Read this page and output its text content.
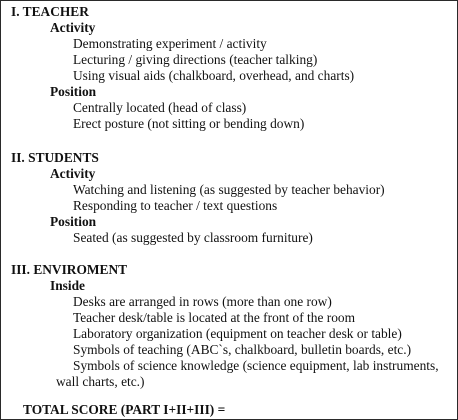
I. TEACHER
Activity
Demonstrating experiment / activity
Lecturing / giving directions (teacher talking)
Using visual aids (chalkboard, overhead, and charts)
Position
Centrally located (head of class)
Erect posture (not sitting or bending down)
II. STUDENTS
Activity
Watching and listening (as suggested by teacher behavior)
Responding to teacher / text questions
Position
Seated (as suggested by classroom furniture)
III. ENVIROMENT
Inside
Desks are arranged in rows (more than one row)
Teacher desk/table is located at the front of the room
Laboratory organization (equipment on teacher desk or table)
Symbols of teaching (ABC`s, chalkboard, bulletin boards, etc.)
Symbols of science knowledge (science equipment, lab instruments,
wall charts, etc.)
TOTAL SCORE (PART I+II+III) =
